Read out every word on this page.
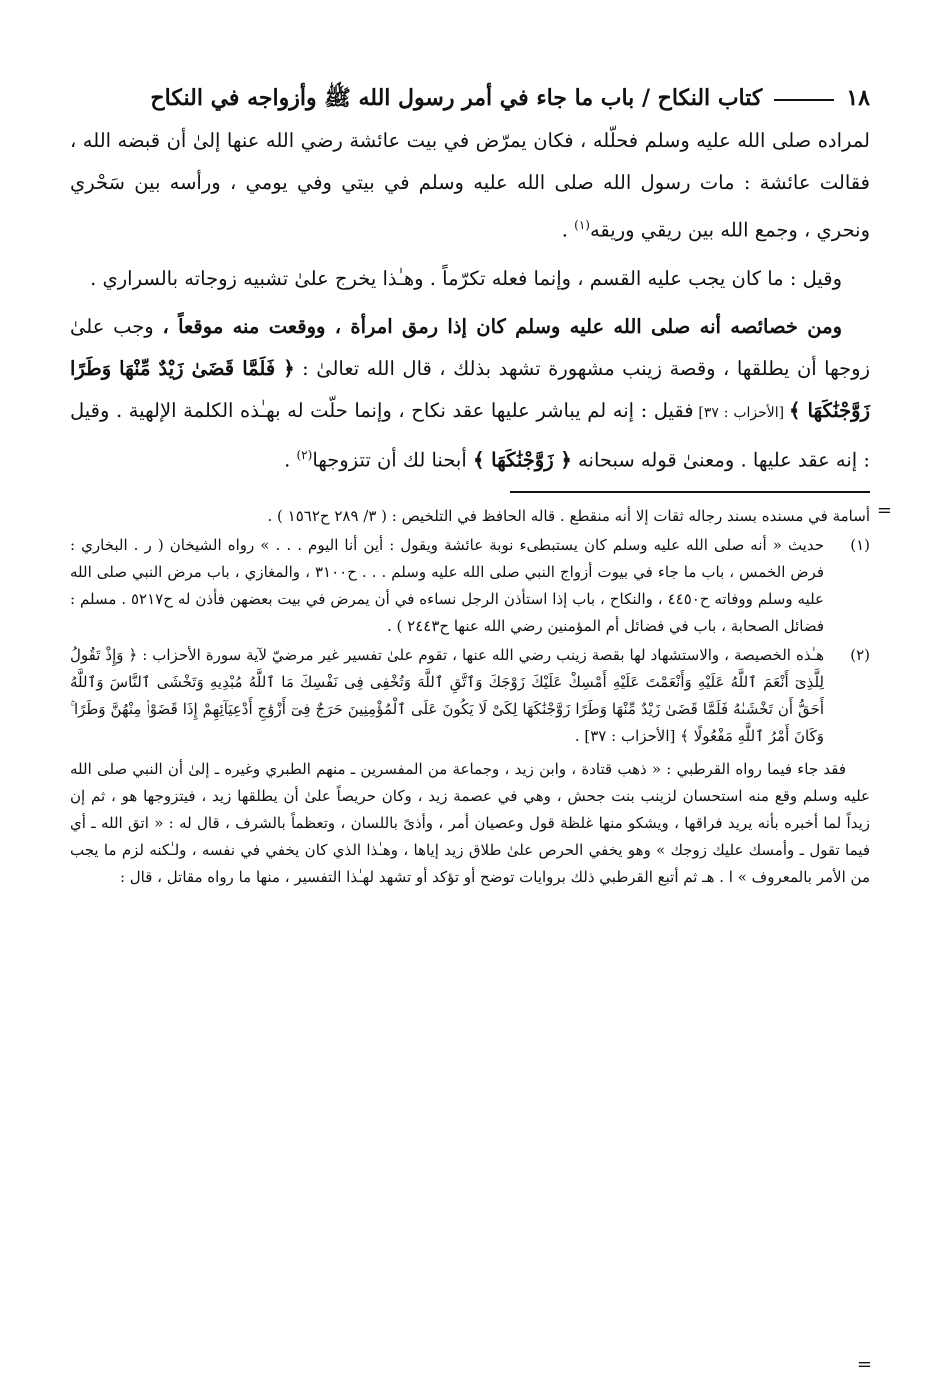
١٨
كتاب النكاح / باب ما جاء في أمر رسول الله ﷺ وأزواجه في النكاح

لمراده صلى الله عليه وسلم فحلّله ، فكان يمرّض في بيت عائشة رضي الله عنها إلىٰ أن قبضه الله ، فقالت عائشة : مات رسول الله صلى الله عليه وسلم في بيتي وفي يومي ، ورأسه بين سَحْري ونحري ، وجمع الله بين ريقي وريقه$^{(١)}$ .

وقيل : ما كان يجب عليه القسم ، وإنما فعله تكرّماً . وهـٰذا يخرج علىٰ تشبيه زوجاته بالسراري .

ومن خصائصه أنه صلى الله عليه وسلم كان إذا رمق امرأة ، ووقعت منه موقعاً ، وجب علىٰ زوجها أن يطلقها ، وقصة زينب مشهورة تشهد بذلك ، قال الله تعالىٰ : ﴿ فَلَمَّا قَضَىٰ زَيْدٌ مِّنْهَا وَطَرًا زَوَّجْنَٰكَهَا ﴾ [الأحزاب : ٣٧] فقيل : إنه لم يباشر عليها عقد نكاح ، وإنما حلّت له بهـٰذه الكلمة الإلهية . وقيل : إنه عقد عليها . ومعنىٰ قوله سبحانه ﴿ زَوَّجْنَٰكَهَا ﴾ أبحنا لك أن تتزوجها$^{(٢)}$ .

=
أسامة في مسنده بسند رجاله ثقات إلا أنه منقطع . قاله الحافظ في التلخيص : ( ٣/ ٢٨٩ ح١٥٦٢ ) .
(١)
حديث « أنه صلى الله عليه وسلم كان يستبطىء نوبة عائشة ويقول : أين أنا اليوم . . . » رواه الشيخان ( ر . البخاري : فرض الخمس ، باب ما جاء في بيوت أزواج النبي صلى الله عليه وسلم . . . ح٣١٠٠ ، والمغازي ، باب مرض النبي صلى الله عليه وسلم ووفاته ح٤٤٥٠ ، والنكاح ، باب إذا استأذن الرجل نساءه في أن يمرض في بيت بعضهن فأذن له ح٥٢١٧ . مسلم : فضائل الصحابة ، باب في فضائل أم المؤمنين رضي الله عنها ح٢٤٤٣ ) .
(٢)
هـٰذه الخصيصة ، والاستشهاد لها بقصة زينب رضي الله عنها ، تقوم علىٰ تفسير غير مرضيّ لآية سورة الأحزاب : ﴿ وَإِذْ تَقُولُ لِلَّذِىٓ أَنْعَمَ ٱللَّهُ عَلَيْهِ وَأَنْعَمْتَ عَلَيْهِ أَمْسِكْ عَلَيْكَ زَوْجَكَ وَٱتَّقِ ٱللَّهَ وَتُخْفِى فِى نَفْسِكَ مَا ٱللَّهُ مُبْدِيهِ وَتَخْشَى ٱلنَّاسَ وَٱللَّهُ أَحَقُّ أَن تَخْشَىٰهُ فَلَمَّا قَضَىٰ زَيْدٌ مِّنْهَا وَطَرًا زَوَّجْنَٰكَهَا لِكَىْ لَا يَكُونَ عَلَى ٱلْمُؤْمِنِينَ حَرَجٌ فِىٓ أَزْوَٰجِ أَدْعِيَآئِهِمْ إِذَا قَضَوْا۟ مِنْهُنَّ وَطَرًا ۚ وَكَانَ أَمْرُ ٱللَّهِ مَفْعُولًا ﴾ [الأحزاب : ٣٧] .
فقد جاء فيما رواه القرطبي : « ذهب قتادة ، وابن زيد ، وجماعة من المفسرين ـ منهم الطبري وغيره ـ إلىٰ أن النبي صلى الله عليه وسلم وقع منه استحسان لزينب بنت جحش ، وهي في عصمة زيد ، وكان حريصاً علىٰ أن يطلقها زيد ، فيتزوجها هو ، ثم إن زيداً لما أخبره بأنه يريد فراقها ، ويشكو منها غلظة قول وعصيان أمر ، وأذىً باللسان ، وتعظماً بالشرف ، قال له : « اتق الله ـ أي فيما تقول ـ وأمسك عليك زوجك » وهو يخفي الحرص علىٰ طلاق زيد إياها ، وهـٰذا الذي كان يخفي في نفسه ، ولـٰكنه لزم ما يجب من الأمر بالمعروف » ا . هـ ثم أتبع القرطبي ذلك بروايات توضح أو تؤكد أو تشهد لهـٰذا التفسير ، منها ما رواه مقاتل ، قال :
=
